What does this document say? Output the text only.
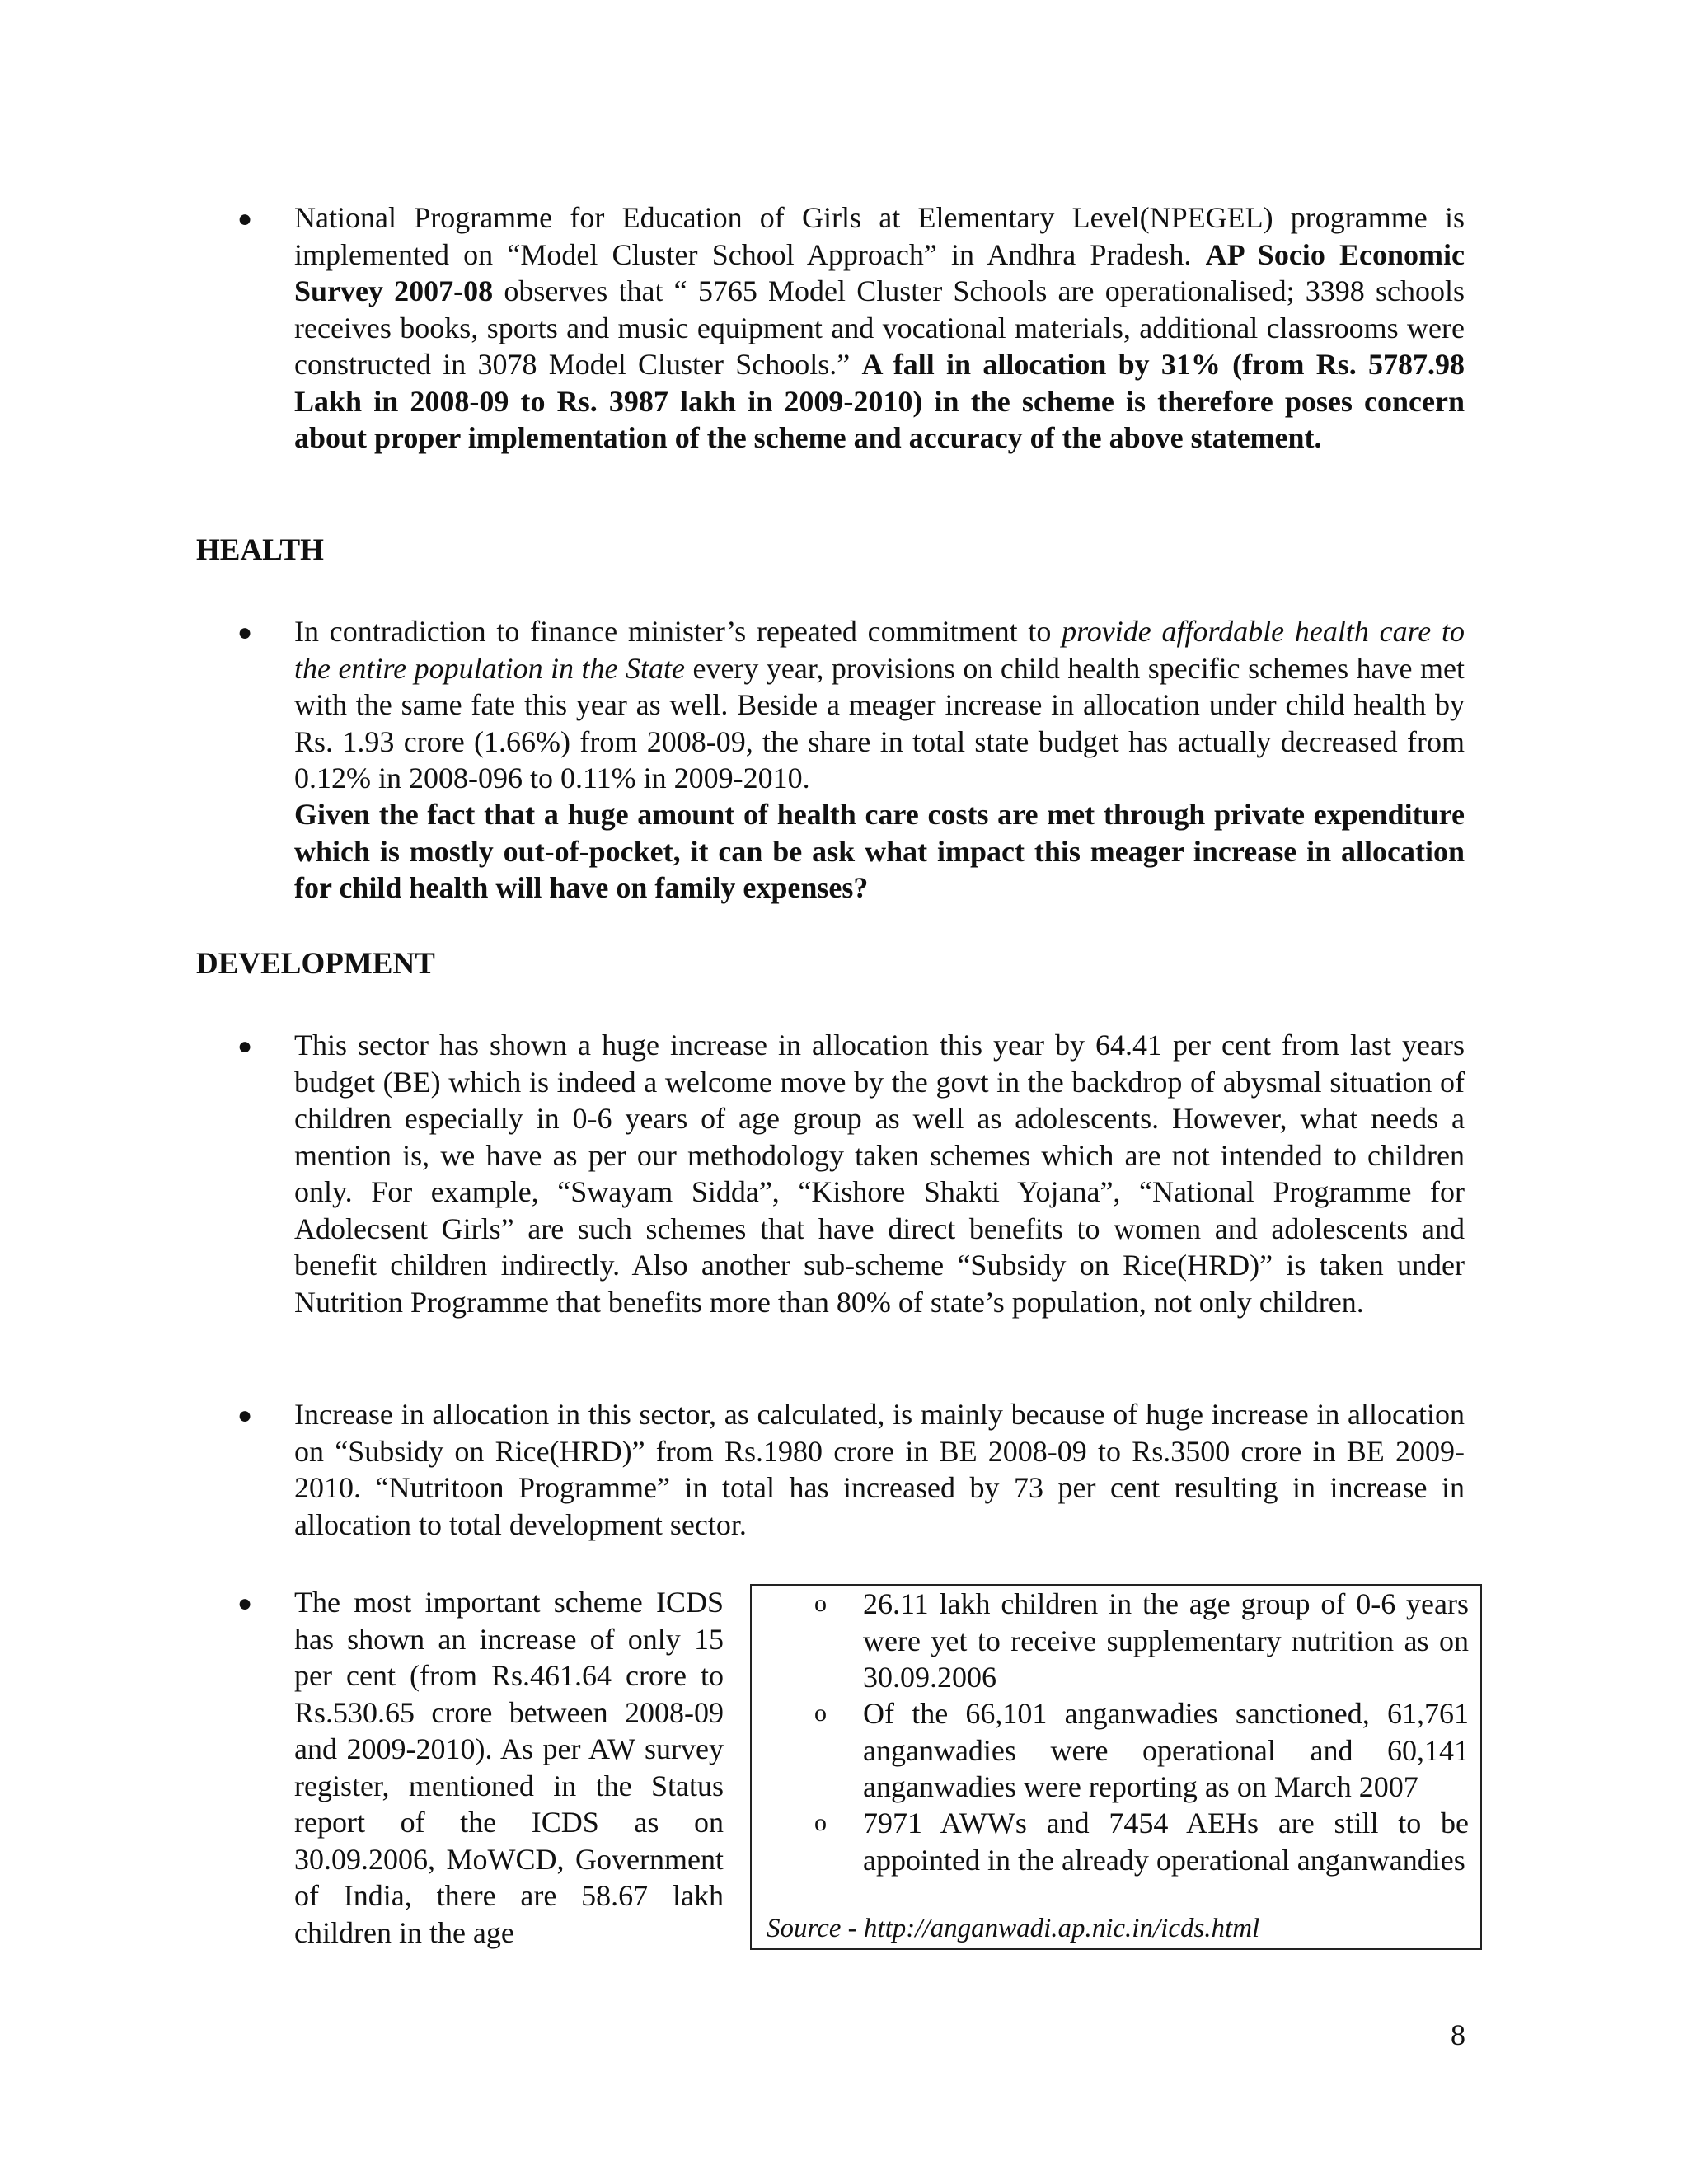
● National Programme for Education of Girls at Elementary Level(NPEGEL) programme is implemented on “Model Cluster School Approach” in Andhra Pradesh. AP Socio Economic Survey 2007-08 observes that “ 5765 Model Cluster Schools are operationalised; 3398 schools receives books, sports and music equipment and vocational materials, additional classrooms were constructed in 3078 Model Cluster Schools.” A fall in allocation by 31% (from Rs. 5787.98 Lakh in 2008-09 to Rs. 3987 lakh in 2009-2010) in the scheme is therefore poses concern about proper implementation of the scheme and accuracy of the above statement.
HEALTH
● In contradiction to finance minister’s repeated commitment to provide affordable health care to the entire population in the State every year, provisions on child health specific schemes have met with the same fate this year as well. Beside a meager increase in allocation under child health by Rs. 1.93 crore (1.66%) from 2008-09, the share in total state budget has actually decreased from 0.12% in 2008-096 to 0.11% in 2009-2010.
Given the fact that a huge amount of health care costs are met through private expenditure which is mostly out-of-pocket, it can be ask what impact this meager increase in allocation for child health will have on family expenses?
DEVELOPMENT
● This sector has shown a huge increase in allocation this year by 64.41 per cent from last years budget (BE) which is indeed a welcome move by the govt in the backdrop of abysmal situation of children especially in 0-6 years of age group as well as adolescents. However, what needs a mention is, we have as per our methodology taken schemes which are not intended to children only. For example, “Swayam Sidda”, “Kishore Shakti Yojana”, “National Programme for Adolecsent Girls” are such schemes that have direct benefits to women and adolescents and benefit children indirectly. Also another sub-scheme “Subsidy on Rice(HRD)” is taken under Nutrition Programme that benefits more than 80% of state’s population, not only children.
● Increase in allocation in this sector, as calculated, is mainly because of huge increase in allocation on “Subsidy on Rice(HRD)” from Rs.1980 crore in BE 2008-09 to Rs.3500 crore in BE 2009-2010. “Nutritoon Programme” in total has increased by 73 per cent resulting in increase in allocation to total development sector.
● The most important scheme ICDS has shown an increase of only 15 per cent (from Rs.461.64 crore to Rs.530.65 crore between 2008-09 and 2009-2010). As per AW survey register, mentioned in the Status report of the ICDS as on 30.09.2006, MoWCD, Government of India, there are 58.67 lakh children in the age
o 26.11 lakh children in the age group of 0-6 years were yet to receive supplementary nutrition as on 30.09.2006
o Of the 66,101 anganwadies sanctioned, 61,761 anganwadies were operational and 60,141 anganwadies were reporting as on March 2007
o 7971 AWWs and 7454 AEHs are still to be appointed in the already operational anganwandies
Source - http://anganwadi.ap.nic.in/icds.html
8
